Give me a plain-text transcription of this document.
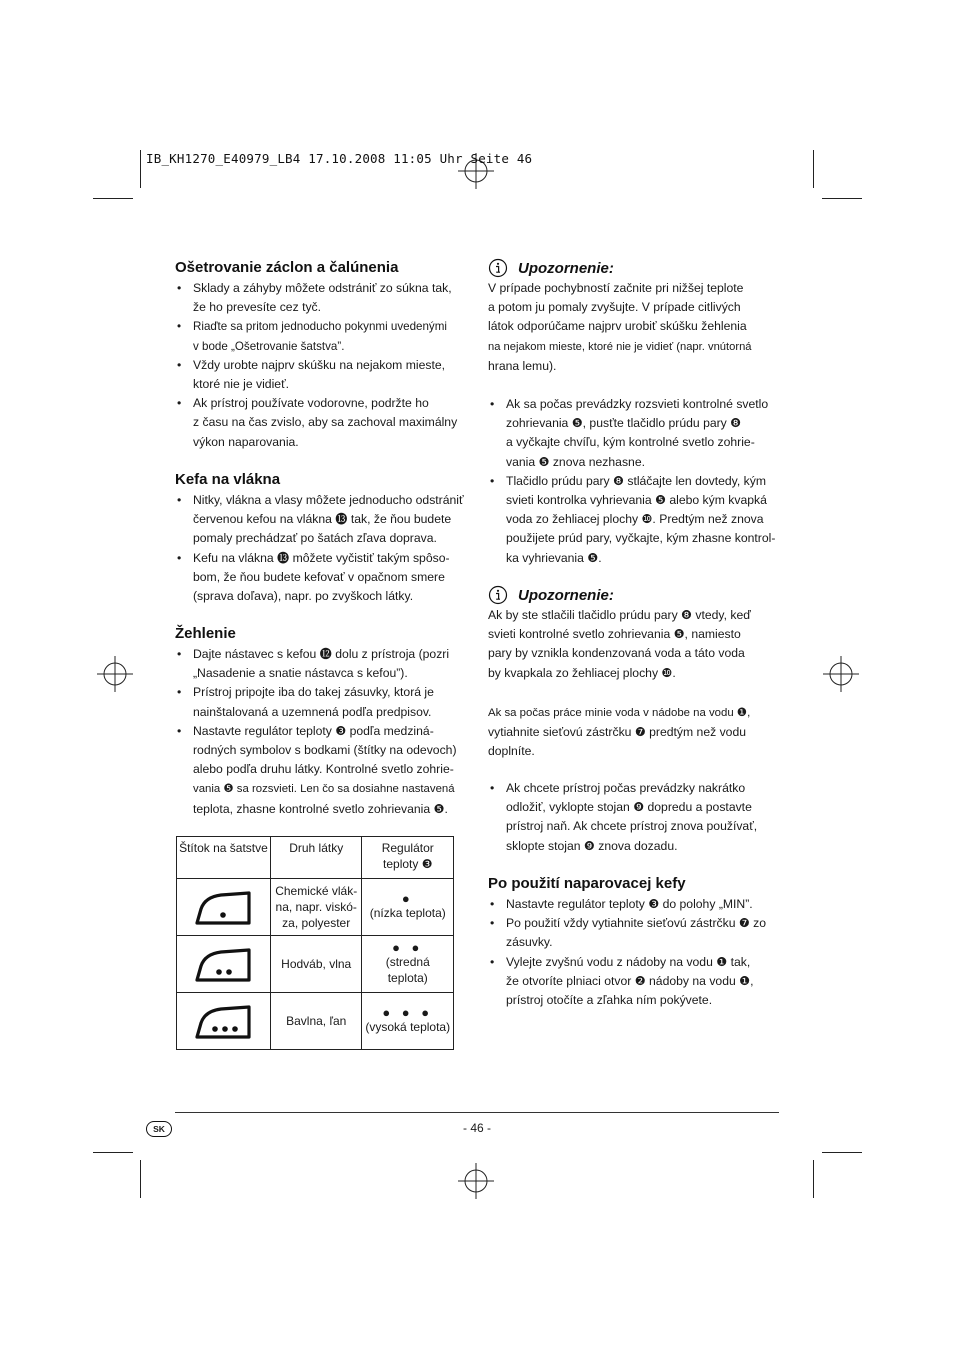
IB_KH1270_E40979_LB4 17.10.2008 11:05 Uhr Seite 46
Ošetrovanie záclon a čalúnenia
• Sklady a záhyby môžete odstrániť zo súkna tak,
že ho prevesíte cez tyč.
• Riaďte sa pritom jednoducho pokynmi uvedenými
v bode „Ošetrovanie šatstva”.
• Vždy urobte najprv skúšku na nejakom mieste,
ktoré nie je vidieť.
• Ak prístroj používate vodorovne, podržte ho
z času na čas zvislo, aby sa zachoval maximálny
výkon naparovania.
Kefa na vlákna
• Nitky, vlákna a vlasy môžete jednoducho odstrániť
červenou kefou na vlákna ⓭ tak, že ňou budete
pomaly prechádzať po šatách zľava doprava.
• Kefu na vlákna ⓭ môžete vyčistiť takým spôso-
bom, že ňou budete kefovať v opačnom smere
(sprava doľava), napr. po zvyškoch látky.
Žehlenie
• Dajte nástavec s kefou ⓬ dolu z prístroja (pozri
„Nasadenie a snatie nástavca s kefou”).
• Prístroj pripojte iba do takej zásuvky, ktorá je
nainštalovaná a uzemnená podľa predpisov.
• Nastavte regulátor teploty ❸ podľa medziná-
rodných symbolov s bodkami (štítky na odevoch)
alebo podľa druhu látky. Kontrolné svetlo zohrie-
vania ❺ sa rozsvieti. Len čo sa dosiahne nastavená
teplota, zhasne kontrolné svetlo zohrievania ❺.
Štítok na šatstve	Druh látky	Regulátor teploty ❸
	Chemické vlák-na, napr. viskó-za, polyester	●
(nízka teplota)
	Hodváb, vlna	● ●
(stredná teplota)
	Bavlna, ľan	● ● ●
(vysoká teplota)
Upozornenie:

V prípade pochybností začnite pri nižšej teplote
a potom ju pomaly zvyšujte. V prípade citlivých
látok odporúčame najprv urobiť skúšku žehlenia
na nejakom mieste, ktoré nie je vidieť (napr. vnútorná
hrana lemu).

• Ak sa počas prevádzky rozsvieti kontrolné svetlo
zohrievania ❺, pusťte tlačidlo prúdu pary ❽
a vyčkajte chvíľu, kým kontrolné svetlo zohrie-
vania ❺ znova nezhasne.
• Tlačidlo prúdu pary ❽ stláčajte len dovtedy, kým
svieti kontrolka vyhrievania ❺ alebo kým kvapká
voda zo žehliacej plochy ❿. Predtým než znova
použijete prúd pary, vyčkajte, kým zhasne kontrol-
ka vyhrievania ❺.
Upozornenie:

Ak by ste stlačili tlačidlo prúdu pary ❽ vtedy, keď
svieti kontrolné svetlo zohrievania ❺, namiesto
pary by vznikla kondenzovaná voda a táto voda
by kvapkala zo žehliacej plochy ❿.

Ak sa počas práce minie voda v nádobe na vodu ❶,
vytiahnite sieťovú zástrčku ❼ predtým než vodu
doplníte.

• Ak chcete prístroj počas prevádzky nakrátko
odložiť, vyklopte stojan ❾ dopredu a postavte
prístroj naň. Ak chcete prístroj znova používať,
sklopte stojan ❾ znova dozadu.
Po použití naparovacej kefy
• Nastavte regulátor teploty ❸ do polohy „MIN”.
• Po použití vždy vytiahnite sieťovú zástrčku ❼ zo
zásuvky.
• Vylejte zvyšnú vodu z nádoby na vodu ❶ tak,
že otvoríte plniaci otvor ❷ nádoby na vodu ❶,
prístroj otočíte a zľahka ním pokývete.
SK	- 46 -
